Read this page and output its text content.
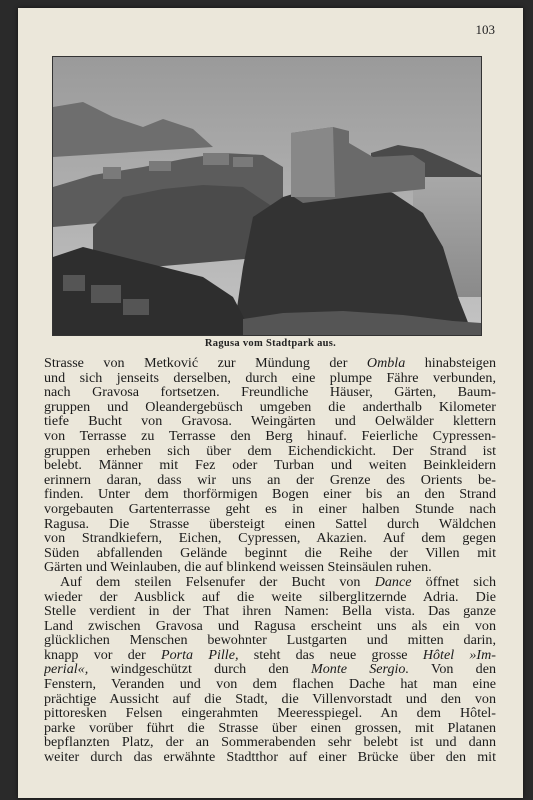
103
Ragusa vom Stadtpark aus.
Strasse von Metković zur Mündung der Ombla hinabsteigen
und sich jenseits derselben, durch eine plumpe Fähre verbunden,
nach Gravosa fortsetzen. Freundliche Häuser, Gärten, Baum-
gruppen und Oleandergebüsch umgeben die anderthalb Kilometer
tiefe Bucht von Gravosa. Weingärten und Oelwälder klettern
von Terrasse zu Terrasse den Berg hinauf. Feierliche Cypressen-
gruppen erheben sich über dem Eichendickicht. Der Strand ist
belebt. Männer mit Fez oder Turban und weiten Beinkleidern
erinnern daran, dass wir uns an der Grenze des Orients be-
finden. Unter dem thorförmigen Bogen einer bis an den Strand
vorgebauten Gartenterrasse geht es in einer halben Stunde nach
Ragusa. Die Strasse übersteigt einen Sattel durch Wäldchen
von Strandkiefern, Eichen, Cypressen, Akazien. Auf dem gegen
Süden abfallenden Gelände beginnt die Reihe der Villen mit
Gärten und Weinlauben, die auf blinkend weissen Steinsäulen ruhen.
Auf dem steilen Felsenufer der Bucht von Dance öffnet sich
wieder der Ausblick auf die weite silberglitzernde Adria. Die
Stelle verdient in der That ihren Namen: Bella vista. Das ganze
Land zwischen Gravosa und Ragusa erscheint uns als ein von
glücklichen Menschen bewohnter Lustgarten und mitten darin,
knapp vor der Porta Pille, steht das neue grosse Hôtel »Im-
perial«, windgeschützt durch den Monte Sergio. Von den
Fenstern, Veranden und von dem flachen Dache hat man eine
prächtige Aussicht auf die Stadt, die Villenvorstadt und den von
pittoresken Felsen eingerahmten Meeresspiegel. An dem Hôtel-
parke vorüber führt die Strasse über einen grossen, mit Platanen
bepflanzten Platz, der an Sommerabenden sehr belebt ist und dann
weiter durch das erwähnte Stadtthor auf einer Brücke über den mit
